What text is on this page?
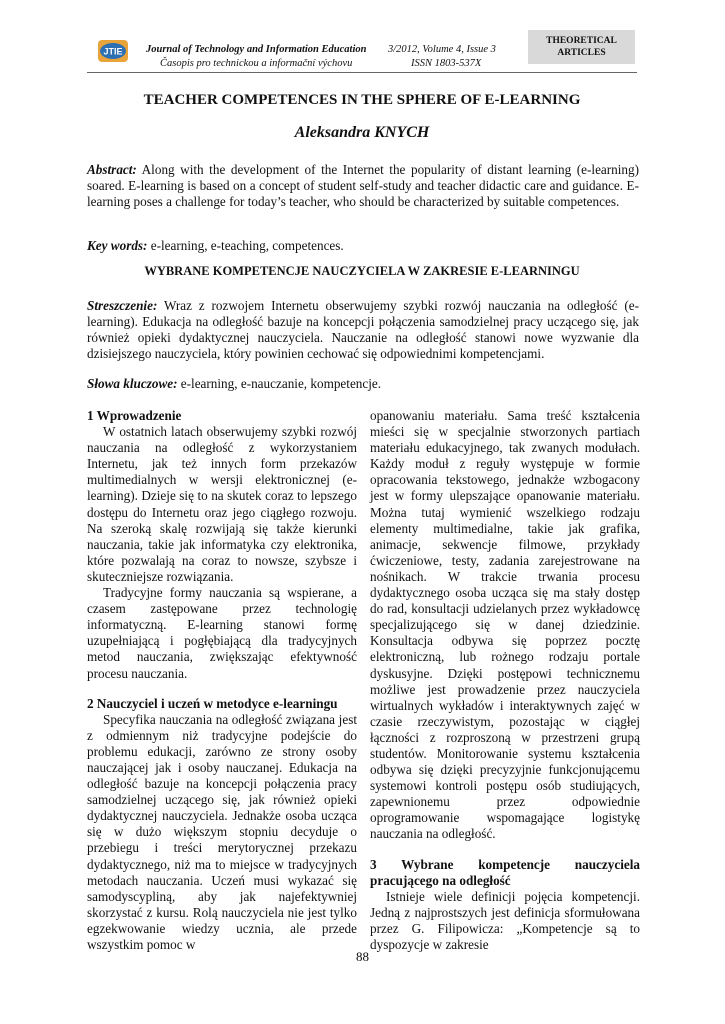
JTIE Journal of Technology and Information Education
Časopis pro technickou a informační výchovu
3/2012, Volume 4, Issue 3
ISSN 1803-537X
THEORETICAL
ARTICLES
TEACHER COMPETENCES IN THE SPHERE OF E-LEARNING
Aleksandra KNYCH
Abstract: Along with the development of the Internet the popularity of distant learning (e-learning) soared. E-learning is based on a concept of student self-study and teacher didactic care and guidance. E-learning poses a challenge for today’s teacher, who should be characterized by suitable competences.
Key words: e-learning, e-teaching, competences.
WYBRANE KOMPETENCJE NAUCZYCIELA W ZAKRESIE E-LEARNINGU
Streszczenie: Wraz z rozwojem Internetu obserwujemy szybki rozwój nauczania na odległość (e-learning). Edukacja na odległość bazuje na koncepcji połączenia samodzielnej pracy uczącego się, jak również opieki dydaktycznej nauczyciela. Nauczanie na odległość stanowi nowe wyzwanie dla dzisiejszego nauczyciela, który powinien cechować się odpowiednimi kompetencjami.
Słowa kluczowe: e-learning, e-nauczanie, kompetencje.
1 Wprowadzenie

W ostatnich latach obserwujemy szybki rozwój nauczania na odległość z wykorzystaniem Internetu, jak też innych form przekazów multimedialnych w wersji elektronicznej (e-learning). Dzieje się to na skutek coraz to lepszego dostępu do Internetu oraz jego ciągłego rozwoju. Na szeroką skalę rozwijają się także kierunki nauczania, takie jak informatyka czy elektronika, które pozwalają na coraz to nowsze, szybsze i skuteczniejsze rozwiązania.

Tradycyjne formy nauczania są wspierane, a czasem zastępowane przez technologię informatyczną. E-learning stanowi formę uzupełniającą i pogłębiającą dla tradycyjnych metod nauczania, zwiększając efektywność procesu nauczania.

2 Nauczyciel i uczeń w metodyce e-learningu

Specyfika nauczania na odległość związana jest z odmiennym niż tradycyjne podejście do problemu edukacji, zarówno ze strony osoby nauczającej jak i osoby nauczanej. Edukacja na odległość bazuje na koncepcji połączenia pracy samodzielnej uczącego się, jak również opieki dydaktycznej nauczyciela. Jednakże osoba ucząca się w dużo większym stopniu decyduje o przebiegu i treści merytorycznej przekazu dydaktycznego, niż ma to miejsce w tradycyjnych metodach nauczania. Uczeń musi wykazać się samodyscypliną, aby jak najefektywniej skorzystać z kursu. Rolą nauczyciela nie jest tylko egzekwowanie wiedzy ucznia, ale przede wszystkim pomoc w

opanowaniu materiału. Sama treść kształcenia mieści się w specjalnie stworzonych partiach materiału edukacyjnego, tak zwanych modułach. Każdy moduł z reguły występuje w formie opracowania tekstowego, jednakże wzbogacony jest w formy ulepszające opanowanie materiału. Można tutaj wymienić wszelkiego rodzaju elementy multimedialne, takie jak grafika, animacje, sekwencje filmowe, przykłady ćwiczeniowe, testy, zadania zarejestrowane na nośnikach. W trakcie trwania procesu dydaktycznego osoba ucząca się ma stały dostęp do rad, konsultacji udzielanych przez wykładowcę specjalizującego się w danej dziedzinie. Konsultacja odbywa się poprzez pocztę elektroniczną, lub rożnego rodzaju portale dyskusyjne. Dzięki postępowi technicznemu możliwe jest prowadzenie przez nauczyciela wirtualnych wykładów i interaktywnych zajęć w czasie rzeczywistym, pozostając w ciągłej łączności z rozproszoną w przestrzeni grupą studentów. Monitorowanie systemu kształcenia odbywa się dzięki precyzyjnie funkcjonującemu systemowi kontroli postępu osób studiujących, zapewnionemu przez odpowiednie oprogramowanie wspomagające logistykę nauczania na odległość.

3 Wybrane kompetencje nauczyciela pracującego na odległość

Istnieje wiele definicji pojęcia kompetencji. Jedną z najprostszych jest definicja sformułowana przez G. Filipowicza: „Kompetencje są to dyspozycje w zakresie

88
